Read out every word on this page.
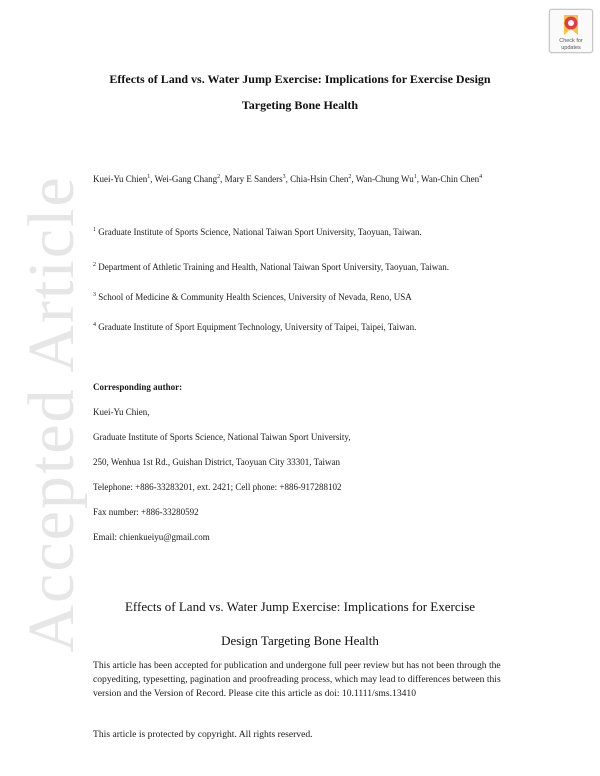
Accepted Article
Check for
updates
Effects of Land vs. Water Jump Exercise: Implications for Exercise Design
Targeting Bone Health
Kuei-Yu Chien$^1$, Wei-Gang Chang$^2$, Mary E Sanders$^3$, Chia-Hsin Chen$^2$, Wan-Chung Wu$^1$, Wan-Chin Chen$^4$
$^1$ Graduate Institute of Sports Science, National Taiwan Sport University, Taoyuan, Taiwan.
$^2$ Department of Athletic Training and Health, National Taiwan Sport University, Taoyuan, Taiwan.
$^3$ School of Medicine & Community Health Sciences, University of Nevada, Reno, USA
$^4$ Graduate Institute of Sport Equipment Technology, University of Taipei, Taipei, Taiwan.
Corresponding author:
Kuei-Yu Chien,
Graduate Institute of Sports Science, National Taiwan Sport University,
250, Wenhua 1st Rd., Guishan District, Taoyuan City 33301, Taiwan
Telephone: +886-33283201, ext. 2421; Cell phone: +886-917288102
Fax number: +886-33280592
Email: chienkueiyu@gmail.com
Effects of Land vs. Water Jump Exercise: Implications for Exercise
Design Targeting Bone Health
This article has been accepted for publication and undergone full peer review but has not been through the copyediting, typesetting, pagination and proofreading process, which may lead to differences between this version and the Version of Record. Please cite this article as doi: 10.1111/sms.13410
This article is protected by copyright. All rights reserved.
